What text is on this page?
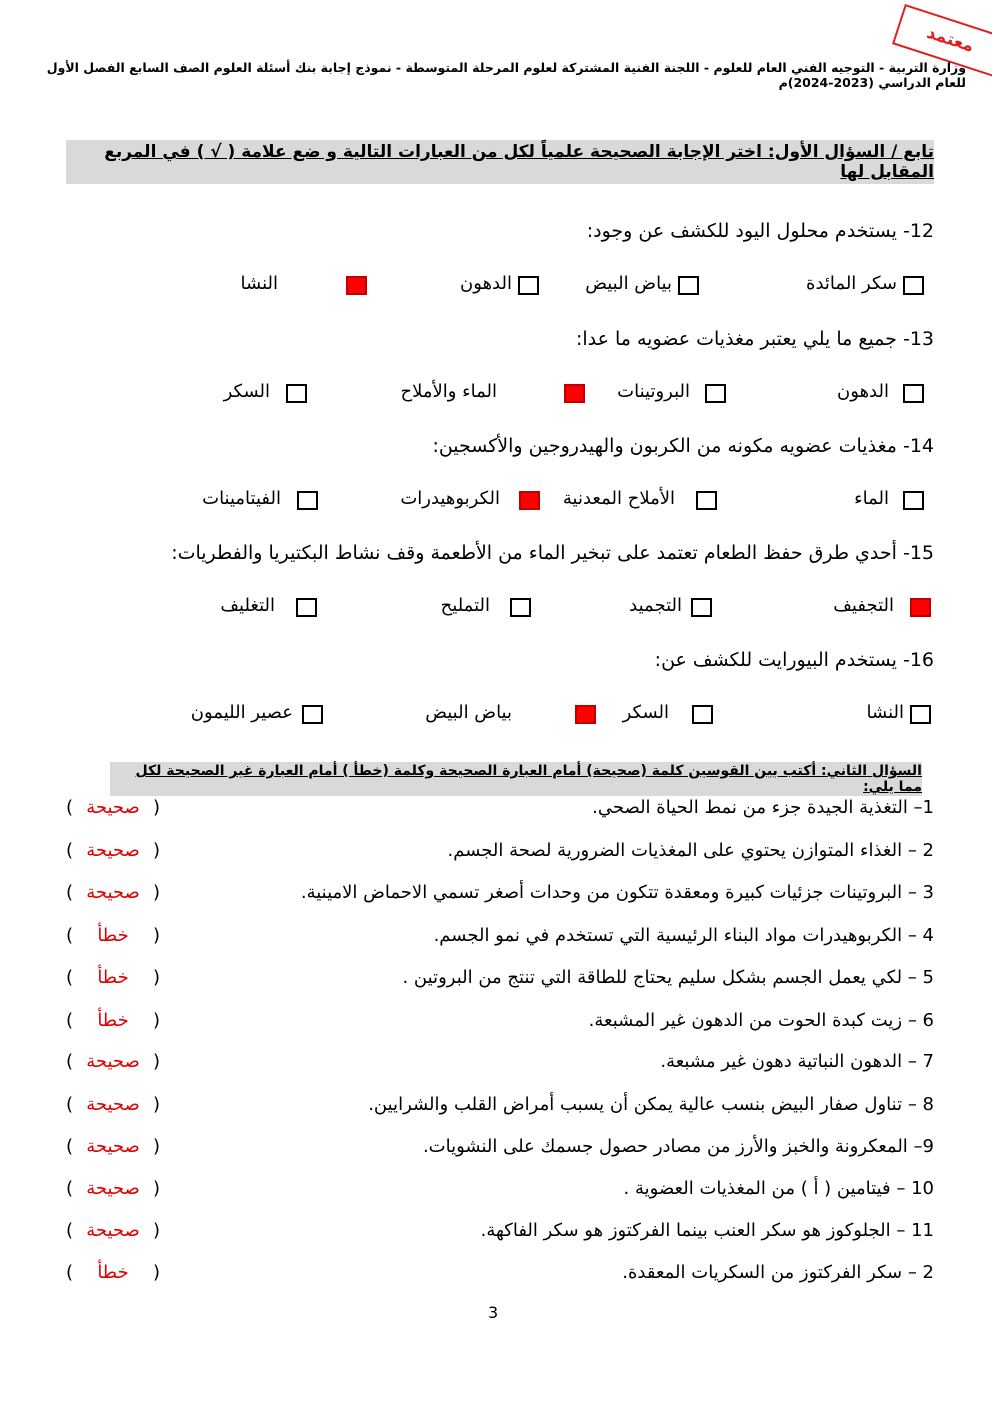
معتمد
وزارة التربية - التوجيه الفني العام للعلوم - اللجنة الفنية المشتركة لعلوم المرحلة المتوسطة - نموذج إجابة بنك أسئلة العلوم الصف السابع الفصل الأول للعام الدراسي (2023-2024)م
تابع / السؤال الأول: اختر الإجابة الصحيحة علمياً لكل من العبارات التالية و ضع علامة ( √ ) في المربع المقابل لها
12- يستخدم محلول اليود للكشف عن وجود:
سكر المائدة
بياض البيض
الدهون
النشا
13- جميع ما يلي يعتبر مغذيات عضويه ما عدا:
الدهون
البروتينات
الماء والأملاح
السكر
14- مغذيات عضويه مكونه من الكربون والهيدروجين والأكسجين:
الماء
الأملاح المعدنية
الكربوهيدرات
الفيتامينات
15- أحدي طرق حفظ الطعام تعتمد على تبخير الماء من الأطعمة وقف نشاط البكتيريا والفطريات:
التجفيف
التجميد
التمليح
التغليف
16- يستخدم البيورايت للكشف عن:
النشا
السكر
بياض البيض
عصير الليمون
السؤال الثاني: أكتب بين القوسين كلمة (صحيحة) أمام العبارة الصحيحة وكلمة (خطأ ) أمام العبارة غير الصحيحة لكل مما يلي:
1– التغذية الجيدة جزء من نمط الحياة الصحي.
(
صحيحة
)
2 – الغذاء المتوازن يحتوي على المغذيات الضرورية لصحة الجسم.
(
صحيحة
)
3 – البروتينات جزئيات كبيرة ومعقدة تتكون من وحدات أصغر تسمي الاحماض الامينية.
(
صحيحة
)
4 – الكربوهيدرات مواد البناء الرئيسية التي تستخدم في نمو الجسم.
(
خطأ
)
5 – لكي يعمل الجسم بشكل سليم يحتاج للطاقة التي تنتج من البروتين .
(
خطأ
)
6 – زيت كبدة الحوت من الدهون غير المشبعة.
(
خطأ
)
7 – الدهون النباتية دهون غير مشبعة.
(
صحيحة
)
8 – تناول صفار البيض بنسب عالية يمكن أن يسبب أمراض القلب والشرايين.
(
صحيحة
)
9– المعكرونة والخبز والأرز من مصادر حصول جسمك على النشويات.
(
صحيحة
)
10 – فيتامين ( أ ) من المغذيات العضوية .
(
صحيحة
)
11 – الجلوكوز هو سكر العنب بينما الفركتوز هو سكر الفاكهة.
(
صحيحة
)
2 – سكر الفركتوز من السكريات المعقدة.
(
خطأ
)
3
